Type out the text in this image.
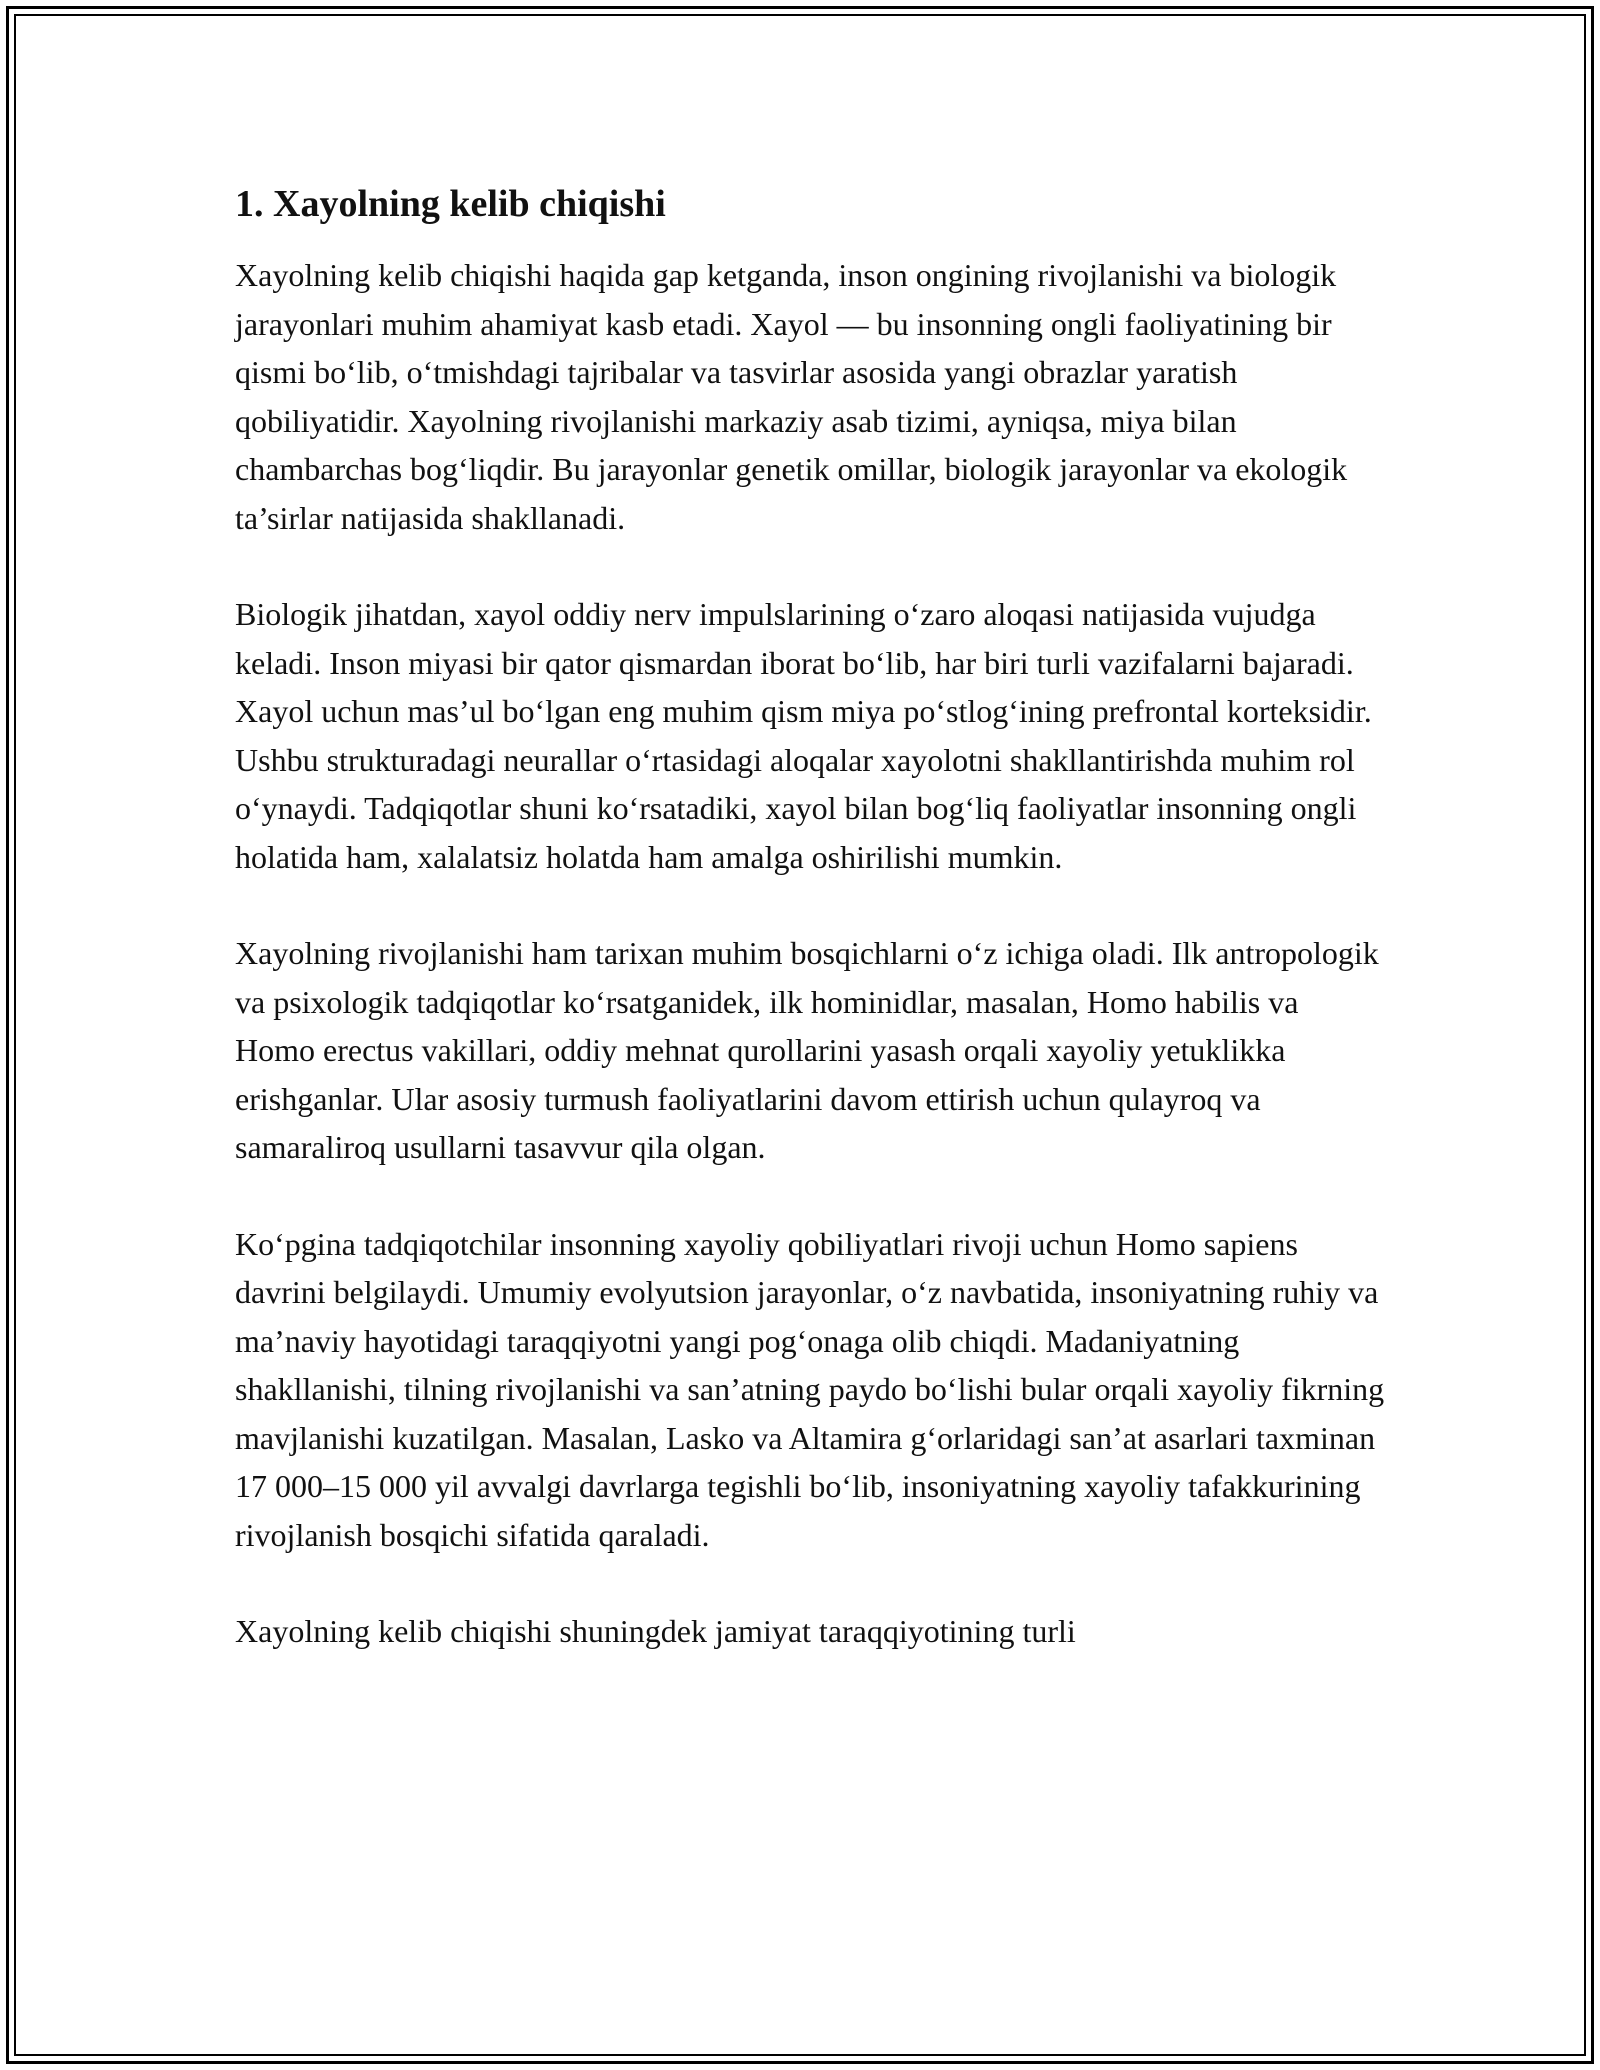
1. Xayolning kelib chiqishi

Xayolning kelib chiqishi haqida gap ketganda, inson ongining rivojlanishi va biologik jarayonlari muhim ahamiyat kasb etadi. Xayol — bu insonning ongli faoliyatining bir qismi bo‘lib, o‘tmishdagi tajribalar va tasvirlar asosida yangi obrazlar yaratish qobiliyatidir. Xayolning rivojlanishi markaziy asab tizimi, ayniqsa, miya bilan chambarchas bog‘liqdir. Bu jarayonlar genetik omillar, biologik jarayonlar va ekologik ta’sirlar natijasida shakllanadi.

Biologik jihatdan, xayol oddiy nerv impulslarining o‘zaro aloqasi natijasida vujudga keladi. Inson miyasi bir qator qismardan iborat bo‘lib, har biri turli vazifalarni bajaradi. Xayol uchun mas’ul bo‘lgan eng muhim qism miya po‘stlog‘ining prefrontal korteksidir. Ushbu strukturadagi neurallar o‘rtasidagi aloqalar xayolotni shakllantirishda muhim rol o‘ynaydi. Tadqiqotlar shuni ko‘rsatadiki, xayol bilan bog‘liq faoliyatlar insonning ongli holatida ham, xalalatsiz holatda ham amalga oshirilishi mumkin.

Xayolning rivojlanishi ham tarixan muhim bosqichlarni o‘z ichiga oladi. Ilk antropologik va psixologik tadqiqotlar ko‘rsatganidek, ilk hominidlar, masalan, Homo habilis va Homo erectus vakillari, oddiy mehnat qurollarini yasash orqali xayoliy yetuklikka erishganlar. Ular asosiy turmush faoliyatlarini davom ettirish uchun qulayroq va samaraliroq usullarni tasavvur qila olgan.

Ko‘pgina tadqiqotchilar insonning xayoliy qobiliyatlari rivoji uchun Homo sapiens davrini belgilaydi. Umumiy evolyutsion jarayonlar, o‘z navbatida, insoniyatning ruhiy va ma’naviy hayotidagi taraqqiyotni yangi pog‘onaga olib chiqdi. Madaniyatning shakllanishi, tilning rivojlanishi va san’atning paydo bo‘lishi bular orqali xayoliy fikrning mavjlanishi kuzatilgan. Masalan, Lasko va Altamira g‘orlaridagi san’at asarlari taxminan 17 000–15 000 yil avvalgi davrlarga tegishli bo‘lib, insoniyatning xayoliy tafakkurining rivojlanish bosqichi sifatida qaraladi.

Xayolning kelib chiqishi shuningdek jamiyat taraqqiyotining turli
